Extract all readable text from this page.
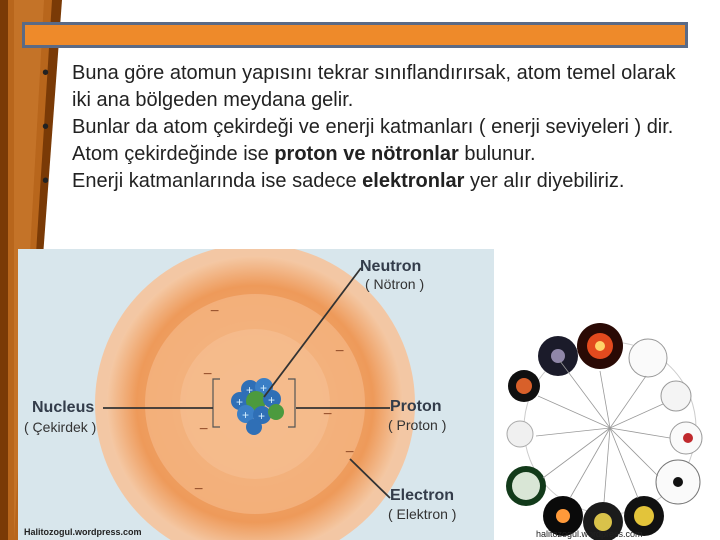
• Buna göre atomun yapısını tekrar sınıflandırırsak, atom temel olarak iki ana bölgeden meydana gelir.
• Bunlar da atom çekirdeği ve enerji katmanları ( enerji seviyeleri ) dir. Atom çekirdeğinde ise proton ve nötronlar bulunur.
• Enerji katmanlarında ise sadece elektronlar yer alır diyebiliriz.
+ +
+ +
+ +
−
−
−
−
−
−
−
Neutron
( Nötron )
Nucleus
( Çekirdek )
Proton
( Proton )
Electron
( Elektron )
Halitozogul.wordpress.com	halitozogul.wordpress.com
